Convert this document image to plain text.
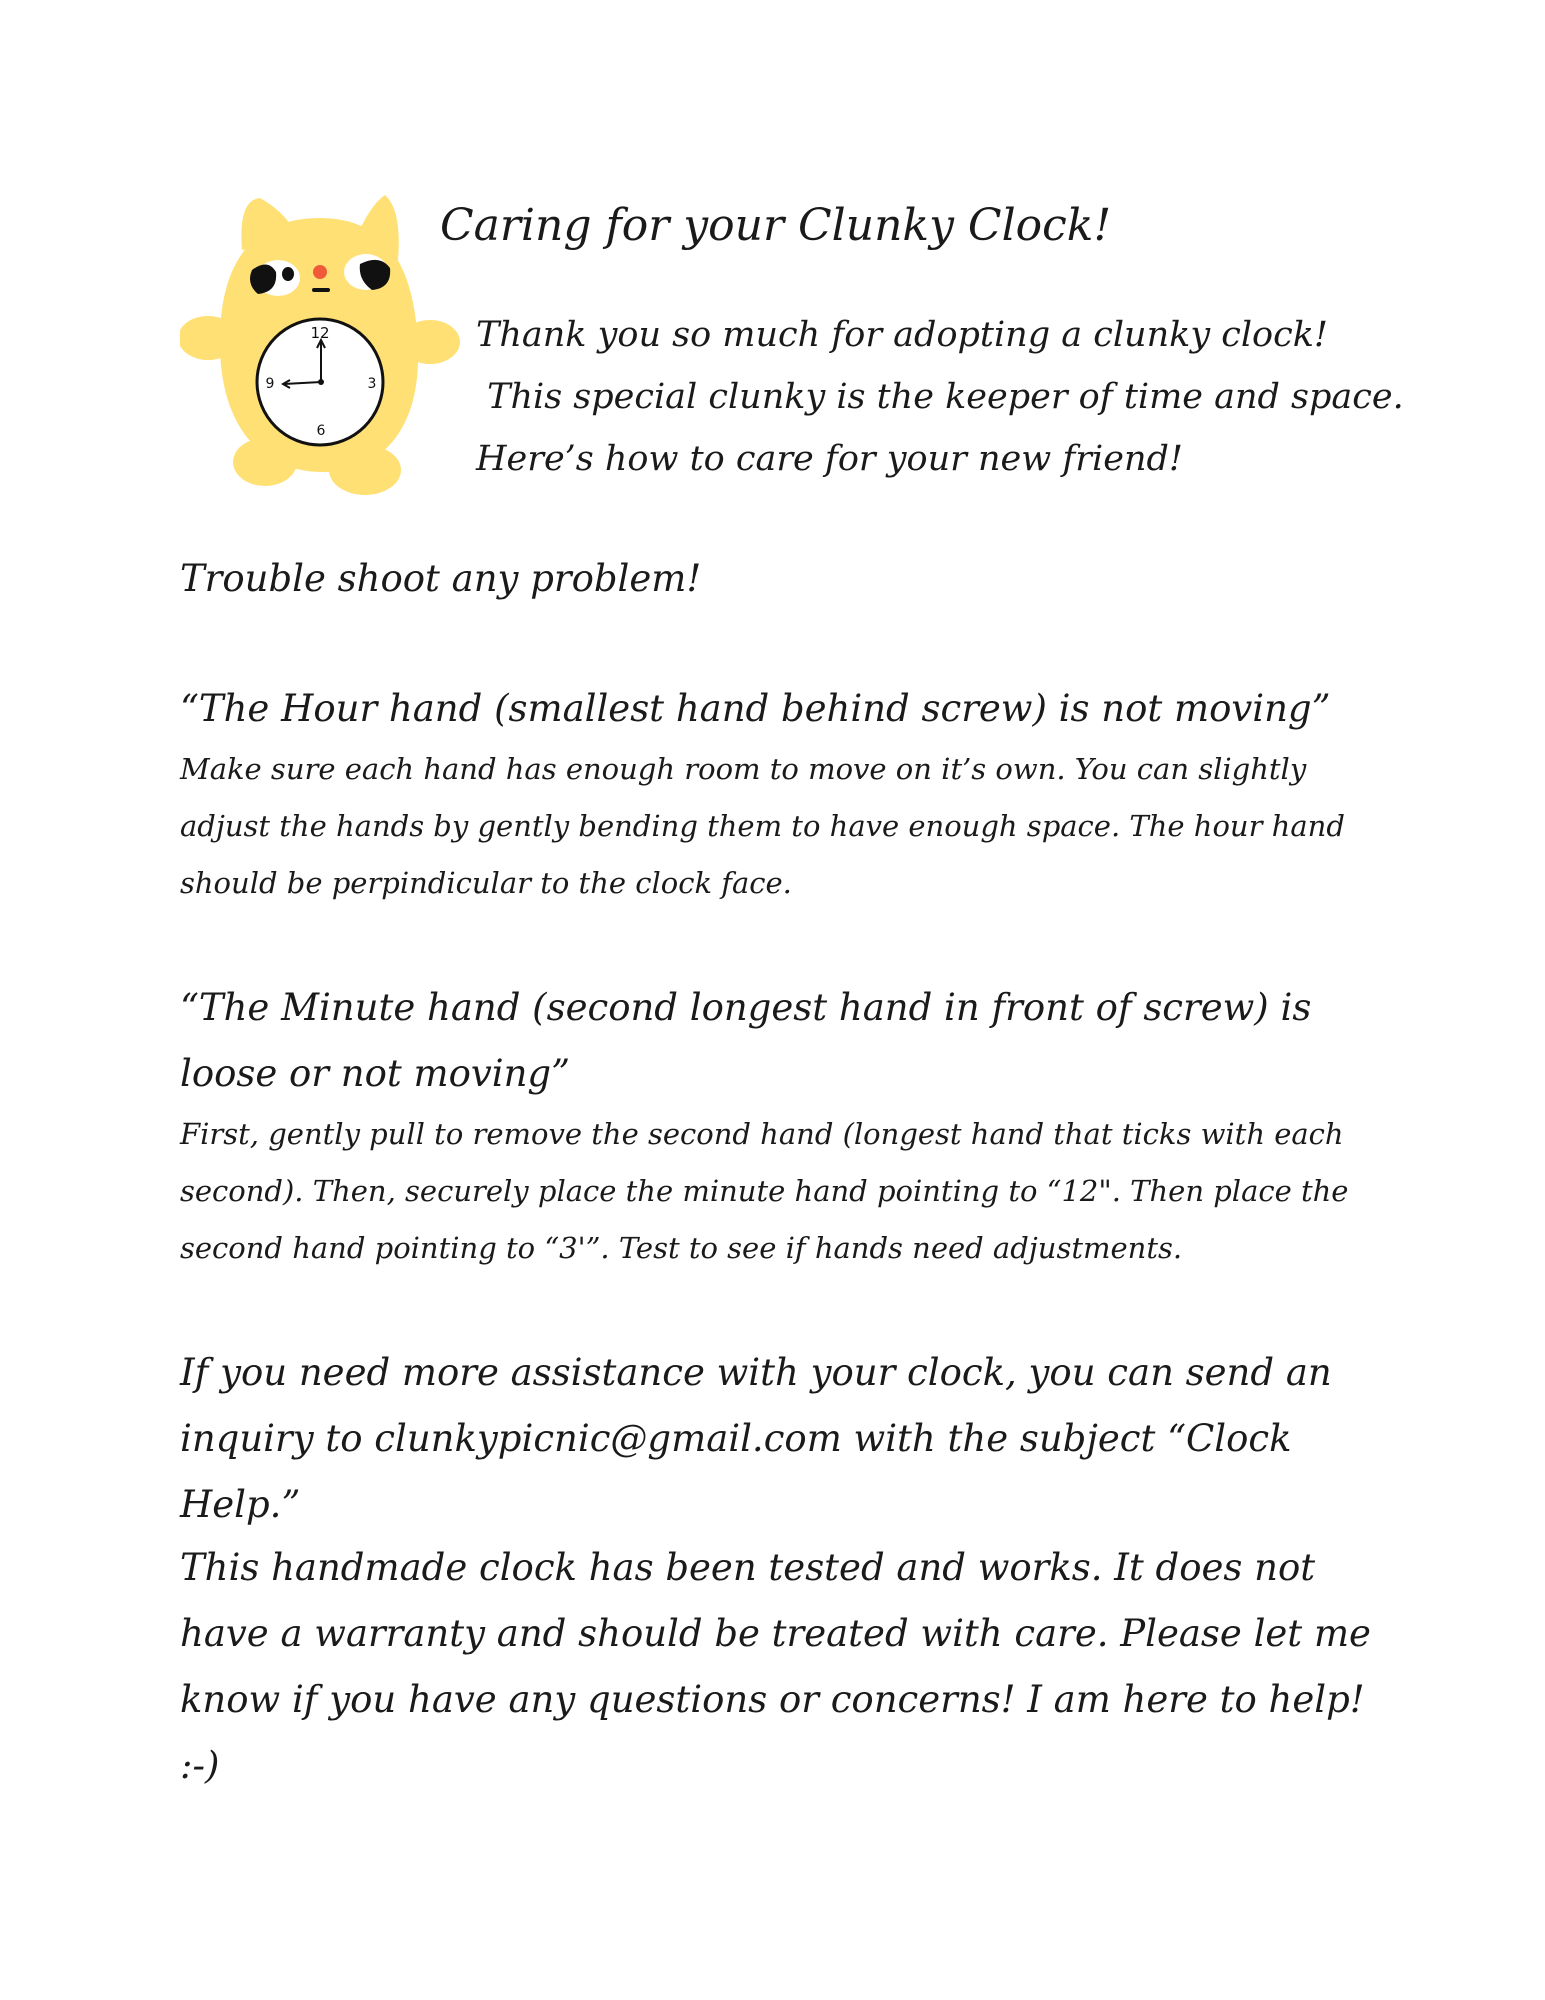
12
3
6
9
Caring for your Clunky Clock!

Thank you so much for adopting a clunky clock!
This special clunky is the keeper of time and space.
Here’s how to care for your new friend!

Trouble shoot any problem!
“The Hour hand (smallest hand behind screw) is not moving”

Make sure each hand has enough room to move on it’s own. You can slightly adjust the hands by gently bending them to have enough space. The hour hand should be perpindicular to the clock face.

“The Minute hand (second longest hand in front of screw) is loose or not moving”

First, gently pull to remove the second hand (longest hand that ticks with each second). Then, securely place the minute hand pointing to “12". Then place the second hand pointing to “3'”. Test to see if hands need adjustments.

If you need more assistance with your clock, you can send an inquiry to clunkypicnic@gmail.com with the subject “Clock Help.”

This handmade clock has been tested and works. It does not have a warranty and should be treated with care. Please let me know if you have any questions or concerns! I am here to help! :-)
